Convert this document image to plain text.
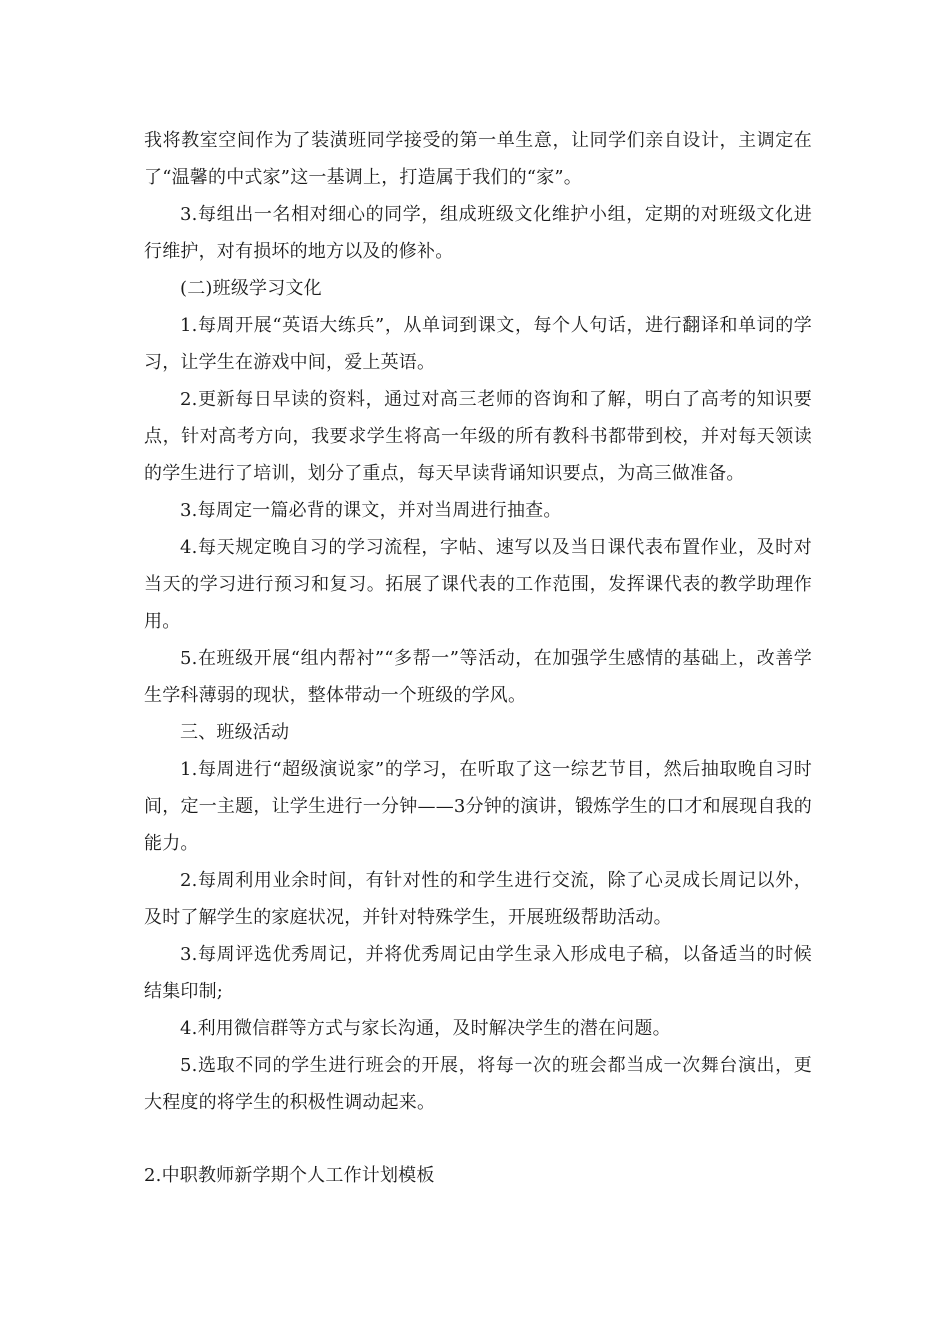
我将教室空间作为了装潢班同学接受的第一单生意，让同学们亲自设计，主调定在了“温馨的中式家”这一基调上，打造属于我们的“家”。

3.每组出一名相对细心的同学，组成班级文化维护小组，定期的对班级文化进行维护，对有损坏的地方以及的修补。

(二)班级学习文化

1.每周开展“英语大练兵”，从单词到课文，每个人句话，进行翻译和单词的学习，让学生在游戏中间，爱上英语。

2.更新每日早读的资料，通过对高三老师的咨询和了解，明白了高考的知识要点，针对高考方向，我要求学生将高一年级的所有教科书都带到校，并对每天领读的学生进行了培训，划分了重点，每天早读背诵知识要点，为高三做准备。

3.每周定一篇必背的课文，并对当周进行抽查。

4.每天规定晚自习的学习流程，字帖、速写以及当日课代表布置作业，及时对当天的学习进行预习和复习。拓展了课代表的工作范围，发挥课代表的教学助理作用。

5.在班级开展“组内帮衬”“多帮一”等活动，在加强学生感情的基础上，改善学生学科薄弱的现状，整体带动一个班级的学风。

三、班级活动

1.每周进行“超级演说家”的学习，在听取了这一综艺节目，然后抽取晚自习时间，定一主题，让学生进行一分钟——3分钟的演讲，锻炼学生的口才和展现自我的能力。

2.每周利用业余时间，有针对性的和学生进行交流，除了心灵成长周记以外，及时了解学生的家庭状况，并针对特殊学生，开展班级帮助活动。

3.每周评选优秀周记，并将优秀周记由学生录入形成电子稿，以备适当的时候结集印制;

4.利用微信群等方式与家长沟通，及时解决学生的潜在问题。

5.选取不同的学生进行班会的开展，将每一次的班会都当成一次舞台演出，更大程度的将学生的积极性调动起来。

2.中职教师新学期个人工作计划模板
